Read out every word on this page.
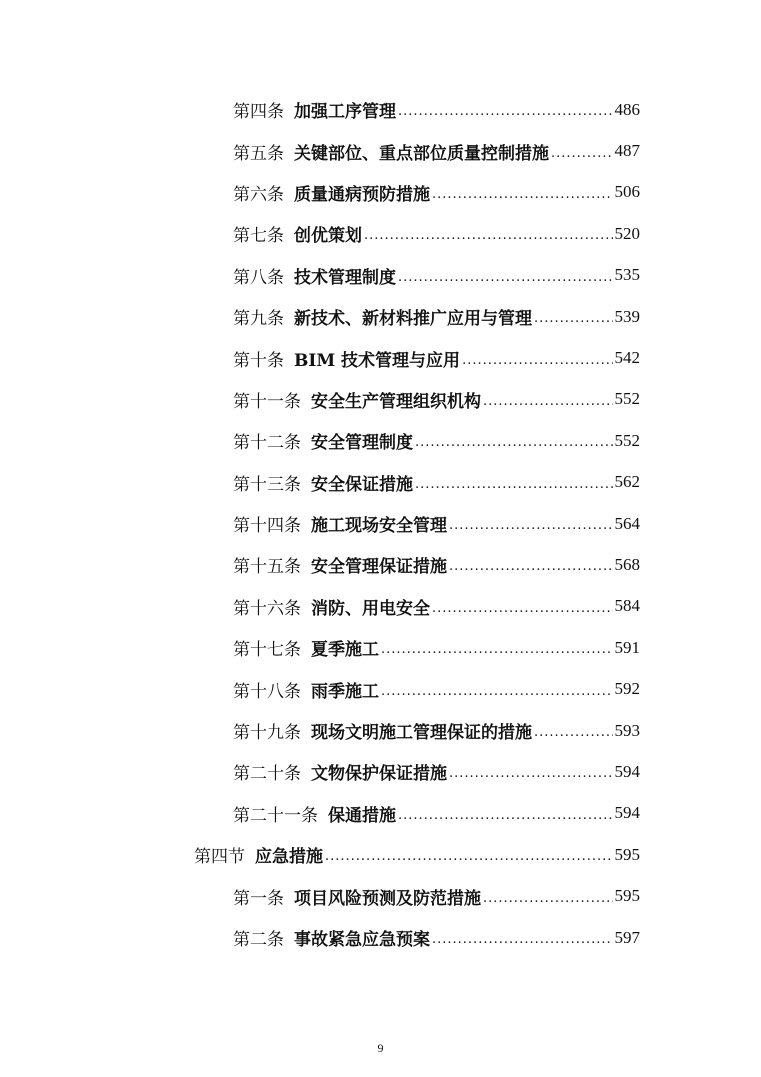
第四条 加强工序管理 .....	486
第五条 关键部位、重点部位质量控制措施 .....	487
第六条 质量通病预防措施 .....	506
第七条 创优策划 .....	520
第八条 技术管理制度 .....	535
第九条 新技术、新材料推广应用与管理 .....	539
第十条 BIM 技术管理与应用 .....	542
第十一条 安全生产管理组织机构 .....	552
第十二条 安全管理制度 .....	552
第十三条 安全保证措施 .....	562
第十四条 施工现场安全管理 .....	564
第十五条 安全管理保证措施 .....	568
第十六条 消防、用电安全 .....	584
第十七条 夏季施工 .....	591
第十八条 雨季施工 .....	592
第十九条 现场文明施工管理保证的措施 .....	593
第二十条 文物保护保证措施 .....	594
第二十一条 保通措施 .....	594
第四节 应急措施 .....	595
第一条 项目风险预测及防范措施 .....	595
第二条 事故紧急应急预案 .....	597
9
